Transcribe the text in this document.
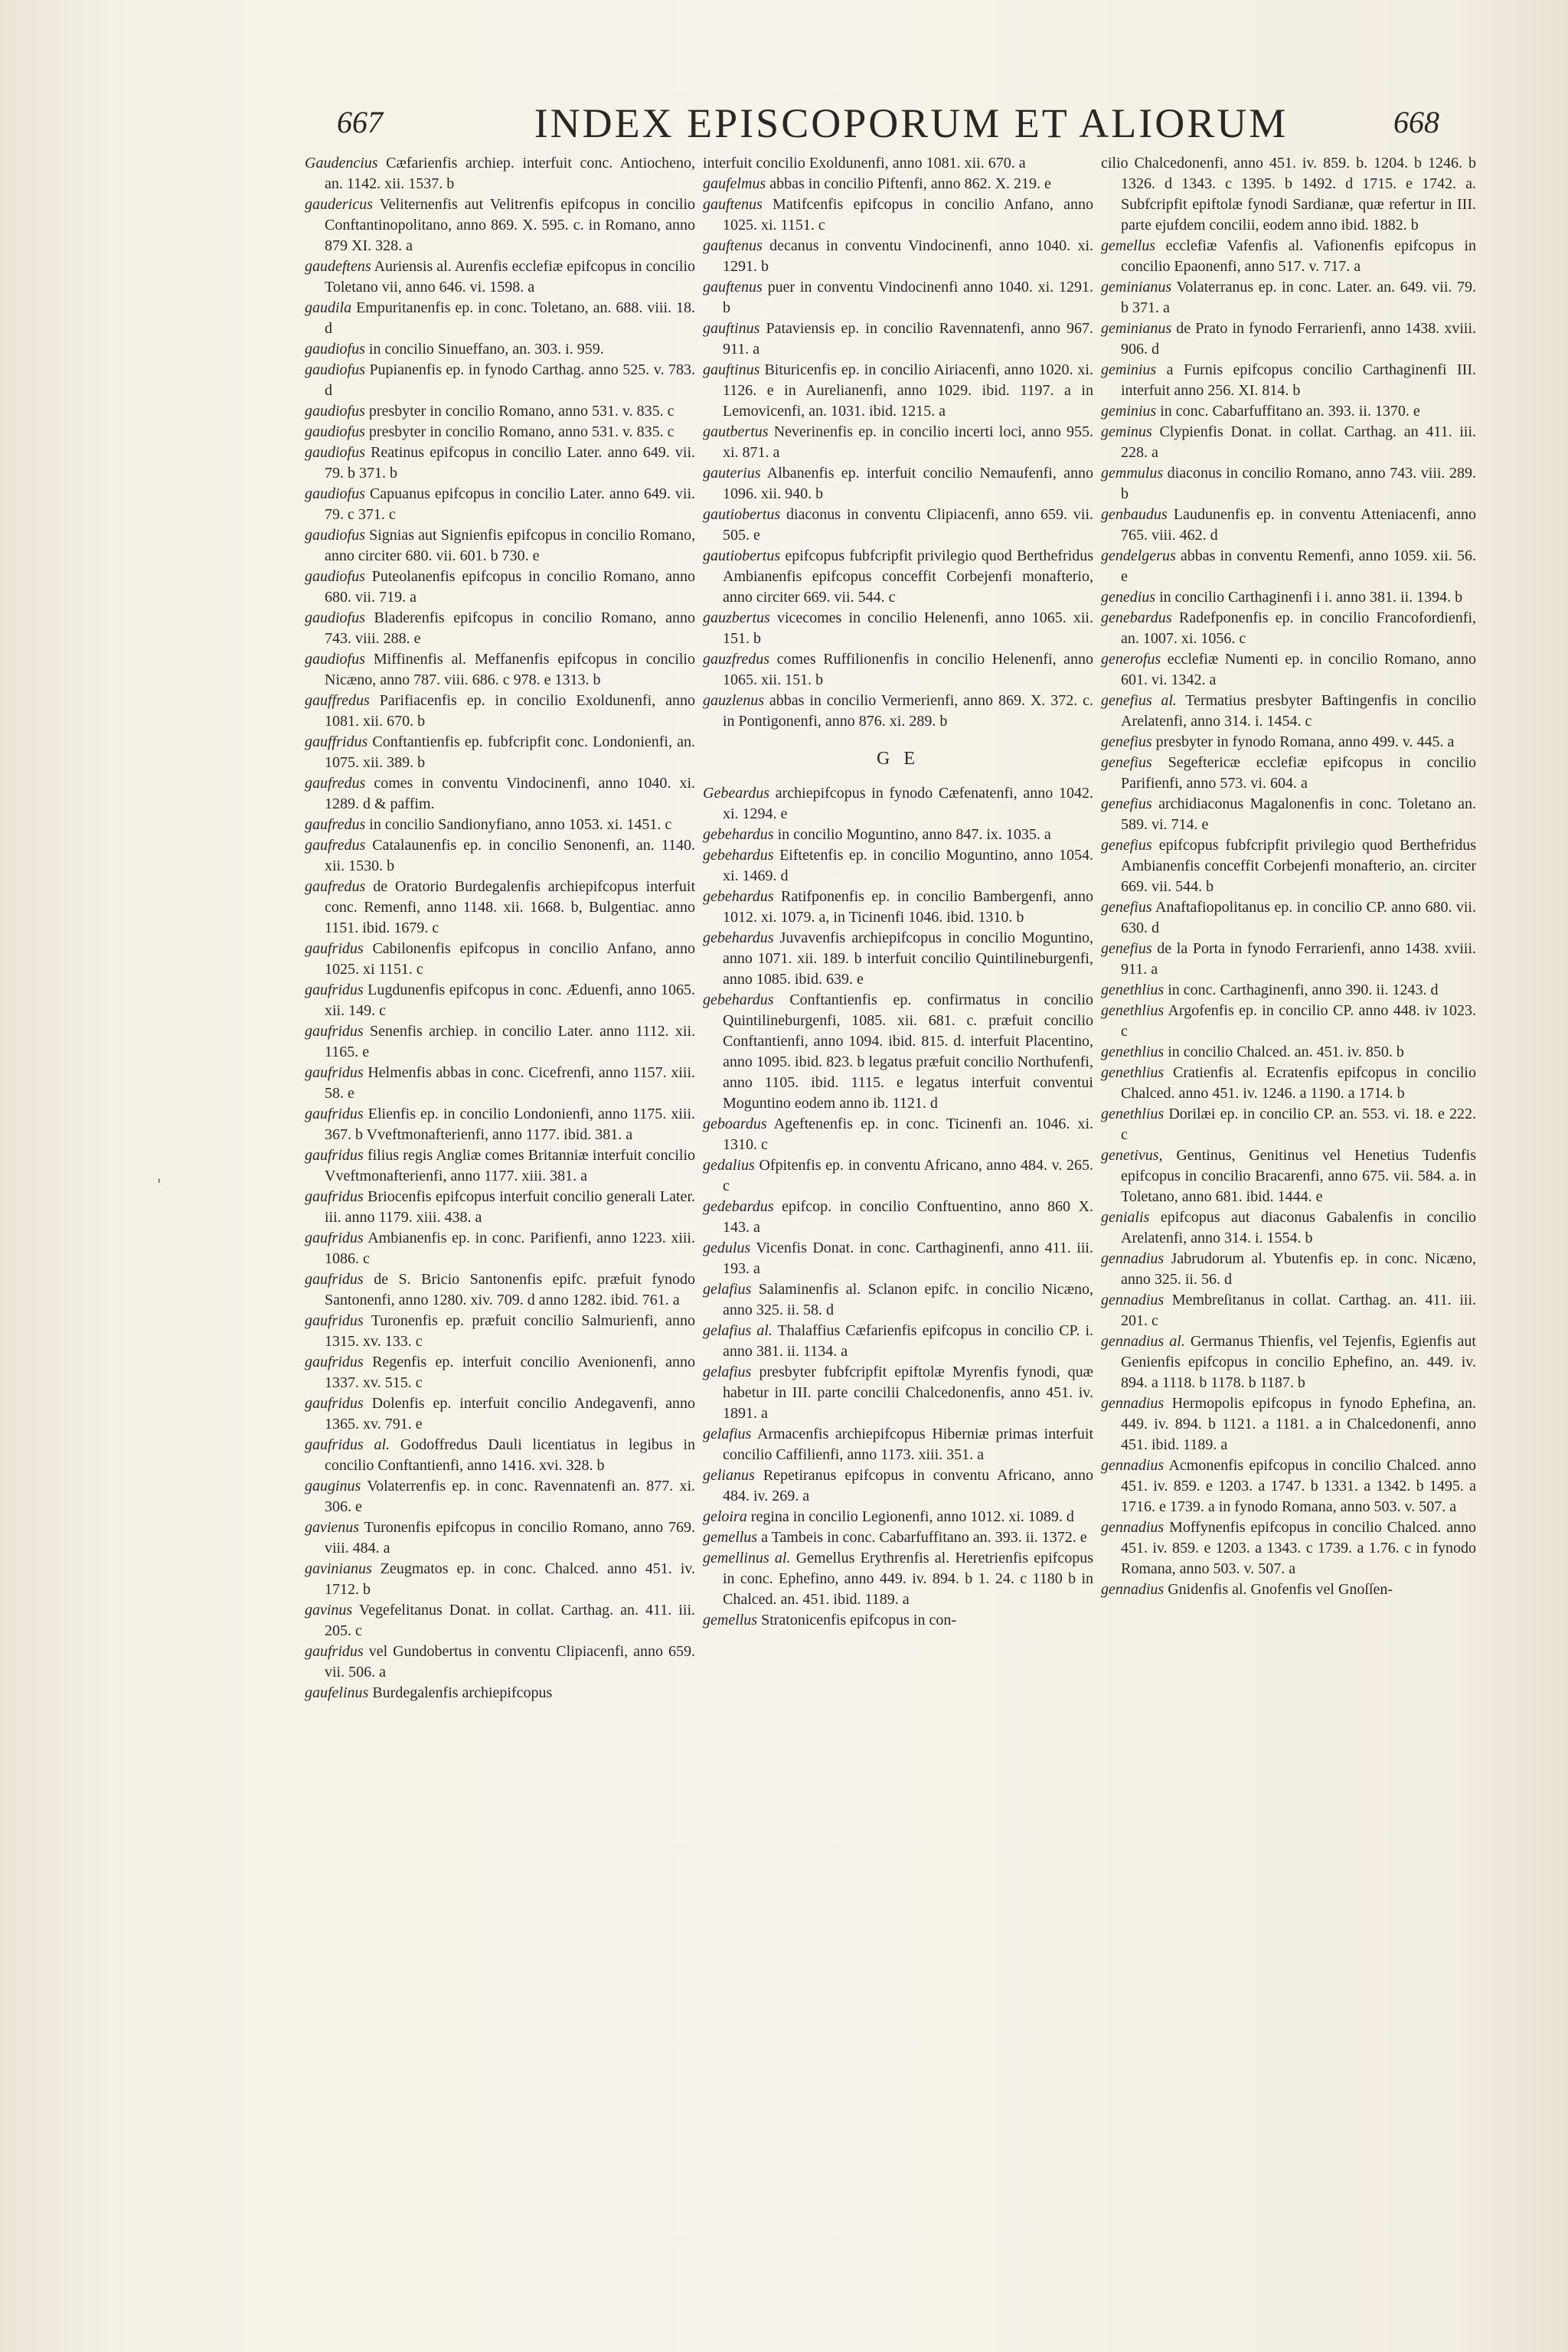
667	INDEX EPISCOPORUM ET ALIORUM	668
'

Gaudencius Cæfarienfis archiep. interfuit conc. Antiocheno, an. 1142. xii. 1537. b

gaudericus Veliternenfis aut Velitrenfis epifcopus in concilio Conftantinopolitano, anno 869. X. 595. c. in Romano, anno 879 XI. 328. a

gaudeftens Auriensis al. Aurenfis ecclefiæ epifcopus in concilio Toletano vii, anno 646. vi. 1598. a

gaudila Empuritanenfis ep. in conc. Toletano, an. 688. viii. 18. d

gaudiofus in concilio Sinueffano, an. 303. i. 959.

gaudiofus Pupianenfis ep. in fynodo Carthag. anno 525. v. 783. d

gaudiofus presbyter in concilio Romano, anno 531. v. 835. c

gaudiofus presbyter in concilio Romano, anno 531. v. 835. c

gaudiofus Reatinus epifcopus in concilio Later. anno 649. vii. 79. b 371. b

gaudiofus Capuanus epifcopus in concilio Later. anno 649. vii. 79. c 371. c

gaudiofus Signias aut Signienfis epifcopus in concilio Romano, anno circiter 680. vii. 601. b 730. e

gaudiofus Puteolanenfis epifcopus in concilio Romano, anno 680. vii. 719. a

gaudiofus Bladerenfis epifcopus in concilio Romano, anno 743. viii. 288. e

gaudiofus Miffinenfis al. Meffanenfis epifcopus in concilio Nicæno, anno 787. viii. 686. c 978. e 1313. b

gauffredus Parifiacenfis ep. in concilio Exoldunenfi, anno 1081. xii. 670. b

gauffridus Conftantienfis ep. fubfcripfit conc. Londonienfi, an. 1075. xii. 389. b

gaufredus comes in conventu Vindocinenfi, anno 1040. xi. 1289. d & paffim.

gaufredus in concilio Sandionyfiano, anno 1053. xi. 1451. c

gaufredus Catalaunenfis ep. in concilio Senonenfi, an. 1140. xii. 1530. b

gaufredus de Oratorio Burdegalenfis archiepifcopus interfuit conc. Remenfi, anno 1148. xii. 1668. b, Bulgentiac. anno 1151. ibid. 1679. c

gaufridus Cabilonenfis epifcopus in concilio Anfano, anno 1025. xi 1151. c

gaufridus Lugdunenfis epifcopus in conc. Æduenfi, anno 1065. xii. 149. c

gaufridus Senenfis archiep. in concilio Later. anno 1112. xii. 1165. e

gaufridus Helmenfis abbas in conc. Cicefrenfi, anno 1157. xiii. 58. e

gaufridus Elienfis ep. in concilio Londonienfi, anno 1175. xiii. 367. b Vveftmonafterienfi, anno 1177. ibid. 381. a

gaufridus filius regis Angliæ comes Britanniæ interfuit concilio Vveftmonafterienfi, anno 1177. xiii. 381. a

gaufridus Briocenfis epifcopus interfuit concilio generali Later. iii. anno 1179. xiii. 438. a

gaufridus Ambianenfis ep. in conc. Parifienfi, anno 1223. xiii. 1086. c

gaufridus de S. Bricio Santonenfis epifc. præfuit fynodo Santonenfi, anno 1280. xiv. 709. d anno 1282. ibid. 761. a

gaufridus Turonenfis ep. præfuit concilio Salmurienfi, anno 1315. xv. 133. c

gaufridus Regenfis ep. interfuit concilio Avenionenfi, anno 1337. xv. 515. c

gaufridus Dolenfis ep. interfuit concilio Andegavenfi, anno 1365. xv. 791. e

gaufridus al. Godoffredus Dauli licentiatus in legibus in concilio Conftantienfi, anno 1416. xvi. 328. b

gauginus Volaterrenfis ep. in conc. Ravennatenfi an. 877. xi. 306. e

gavienus Turonenfis epifcopus in concilio Romano, anno 769. viii. 484. a

gavinianus Zeugmatos ep. in conc. Chalced. anno 451. iv. 1712. b

gavinus Vegefelitanus Donat. in collat. Carthag. an. 411. iii. 205. c

gaufridus vel Gundobertus in conventu Clipiacenfi, anno 659. vii. 506. a

gaufelinus Burdegalenfis archiepifcopus

interfuit concilio Exoldunenfi, anno 1081. xii. 670. a

gaufelmus abbas in concilio Piftenfi, anno 862. X. 219. e

gauftenus Matifcenfis epifcopus in concilio Anfano, anno 1025. xi. 1151. c

gauftenus decanus in conventu Vindocinenfi, anno 1040. xi. 1291. b

gauftenus puer in conventu Vindocinenfi anno 1040. xi. 1291. b

gauftinus Pataviensis ep. in concilio Ravennatenfi, anno 967. 911. a

gauftinus Bituricenfis ep. in concilio Airiacenfi, anno 1020. xi. 1126. e in Aurelianenfi, anno 1029. ibid. 1197. a in Lemovicenfi, an. 1031. ibid. 1215. a

gautbertus Neverinenfis ep. in concilio incerti loci, anno 955. xi. 871. a

gauterius Albanenfis ep. interfuit concilio Nemaufenfi, anno 1096. xii. 940. b

gautiobertus diaconus in conventu Clipiacenfi, anno 659. vii. 505. e

gautiobertus epifcopus fubfcripfit privilegio quod Berthefridus Ambianenfis epifcopus conceffit Corbejenfi monafterio, anno circiter 669. vii. 544. c

gauzbertus vicecomes in concilio Helenenfi, anno 1065. xii. 151. b

gauzfredus comes Ruffilionenfis in concilio Helenenfi, anno 1065. xii. 151. b

gauzlenus abbas in concilio Vermerienfi, anno 869. X. 372. c. in Pontigonenfi, anno 876. xi. 289. b

G E

Gebeardus archiepifcopus in fynodo Cæfenatenfi, anno 1042. xi. 1294. e

gebehardus in concilio Moguntino, anno 847. ix. 1035. a

gebehardus Eiftetenfis ep. in concilio Moguntino, anno 1054. xi. 1469. d

gebehardus Ratifponenfis ep. in concilio Bambergenfi, anno 1012. xi. 1079. a, in Ticinenfi 1046. ibid. 1310. b

gebehardus Juvavenfis archiepifcopus in concilio Moguntino, anno 1071. xii. 189. b interfuit concilio Quintilineburgenfi, anno 1085. ibid. 639. e

gebehardus Conftantienfis ep. confirmatus in concilio Quintilineburgenfi, 1085. xii. 681. c. præfuit concilio Conftantienfi, anno 1094. ibid. 815. d. interfuit Placentino, anno 1095. ibid. 823. b legatus præfuit concilio Northufenfi, anno 1105. ibid. 1115. e legatus interfuit conventui Moguntino eodem anno ib. 1121. d

geboardus Ageftenenfis ep. in conc. Ticinenfi an. 1046. xi. 1310. c

gedalius Ofpitenfis ep. in conventu Africano, anno 484. v. 265. c

gedebardus epifcop. in concilio Conftuentino, anno 860 X. 143. a

gedulus Vicenfis Donat. in conc. Carthaginenfi, anno 411. iii. 193. a

gelafius Salaminenfis al. Sclanon epifc. in concilio Nicæno, anno 325. ii. 58. d

gelafius al. Thalaffius Cæfarienfis epifcopus in concilio CP. i. anno 381. ii. 1134. a

gelafius presbyter fubfcripfit epiftolæ Myrenfis fynodi, quæ habetur in III. parte concilii Chalcedonenfis, anno 451. iv. 1891. a

gelafius Armacenfis archiepifcopus Hiberniæ primas interfuit concilio Caffilienfi, anno 1173. xiii. 351. a

gelianus Repetiranus epifcopus in conventu Africano, anno 484. iv. 269. a

geloira regina in concilio Legionenfi, anno 1012. xi. 1089. d

gemellus a Tambeis in conc. Cabarfuffitano an. 393. ii. 1372. e

gemellinus al. Gemellus Erythrenfis al. Heretrienfis epifcopus in conc. Ephefino, anno 449. iv. 894. b 1. 24. c 1180 b in Chalced. an. 451. ibid. 1189. a

gemellus Stratonicenfis epifcopus in con-

cilio Chalcedonenfi, anno 451. iv. 859. b. 1204. b 1246. b 1326. d 1343. c 1395. b 1492. d 1715. e 1742. a. Subfcripfit epiftolæ fynodi Sardianæ, quæ refertur in III. parte ejufdem concilii, eodem anno ibid. 1882. b

gemellus ecclefiæ Vafenfis al. Vafionenfis epifcopus in concilio Epaonenfi, anno 517. v. 717. a

geminianus Volaterranus ep. in conc. Later. an. 649. vii. 79. b 371. a

geminianus de Prato in fynodo Ferrarienfi, anno 1438. xviii. 906. d

geminius a Furnis epifcopus concilio Carthaginenfi III. interfuit anno 256. XI. 814. b

geminius in conc. Cabarfuffitano an. 393. ii. 1370. e

geminus Clypienfis Donat. in collat. Carthag. an 411. iii. 228. a

gemmulus diaconus in concilio Romano, anno 743. viii. 289. b

genbaudus Laudunenfis ep. in conventu Atteniacenfi, anno 765. viii. 462. d

gendelgerus abbas in conventu Remenfi, anno 1059. xii. 56. e

genedius in concilio Carthaginenfi i i. anno 381. ii. 1394. b

genebardus Radefponenfis ep. in concilio Francofordienfi, an. 1007. xi. 1056. c

generofus ecclefiæ Numenti ep. in concilio Romano, anno 601. vi. 1342. a

genefius al. Termatius presbyter Baftingenfis in concilio Arelatenfi, anno 314. i. 1454. c

genefius presbyter in fynodo Romana, anno 499. v. 445. a

genefius Segeftericæ ecclefiæ epifcopus in concilio Parifienfi, anno 573. vi. 604. a

genefius archidiaconus Magalonenfis in conc. Toletano an. 589. vi. 714. e

genefius epifcopus fubfcripfit privilegio quod Berthefridus Ambianenfis conceffit Corbejenfi monafterio, an. circiter 669. vii. 544. b

genefius Anaftafiopolitanus ep. in concilio CP. anno 680. vii. 630. d

genefius de la Porta in fynodo Ferrarienfi, anno 1438. xviii. 911. a

genethlius in conc. Carthaginenfi, anno 390. ii. 1243. d

genethlius Argofenfis ep. in concilio CP. anno 448. iv 1023. c

genethlius in concilio Chalced. an. 451. iv. 850. b

genethlius Cratienfis al. Ecratenfis epifcopus in concilio Chalced. anno 451. iv. 1246. a 1190. a 1714. b

genethlius Dorilæi ep. in concilio CP. an. 553. vi. 18. e 222. c

genetivus, Gentinus, Genitinus vel Henetius Tudenfis epifcopus in concilio Bracarenfi, anno 675. vii. 584. a. in Toletano, anno 681. ibid. 1444. e

genialis epifcopus aut diaconus Gabalenfis in concilio Arelatenfi, anno 314. i. 1554. b

gennadius Jabrudorum al. Ybutenfis ep. in conc. Nicæno, anno 325. ii. 56. d

gennadius Membreſitanus in collat. Carthag. an. 411. iii. 201. c

gennadius al. Germanus Thienfis, vel Tejenfis, Egienfis aut Genienfis epifcopus in concilio Ephefino, an. 449. iv. 894. a 1118. b 1178. b 1187. b

gennadius Hermopolis epifcopus in fynodo Ephefina, an. 449. iv. 894. b 1121. a 1181. a in Chalcedonenfi, anno 451. ibid. 1189. a

gennadius Acmonenfis epifcopus in concilio Chalced. anno 451. iv. 859. e 1203. a 1747. b 1331. a 1342. b 1495. a 1716. e 1739. a in fynodo Romana, anno 503. v. 507. a

gennadius Moffynenfis epifcopus in concilio Chalced. anno 451. iv. 859. e 1203. a 1343. c 1739. a 1.76. c in fynodo Romana, anno 503. v. 507. a

gennadius Gnidenfis al. Gnofenfis vel Gnoſſen-
